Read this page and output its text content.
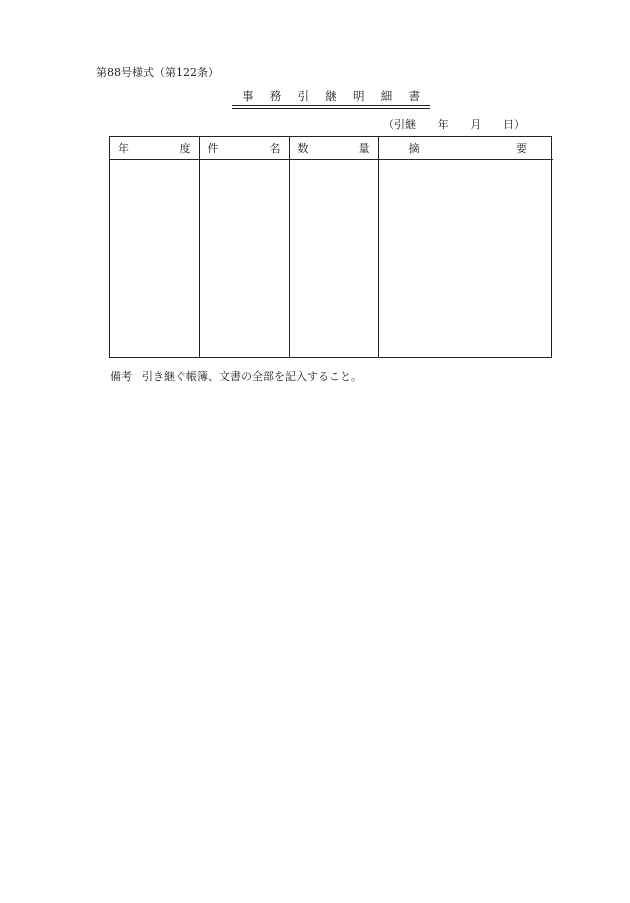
第88号様式（第122条）
事 務 引 継 明 細 書
（引継 年 月 日）
年 度	件 名	数 量	摘 要

備考 引き継ぐ帳簿、文書の全部を記入すること。
